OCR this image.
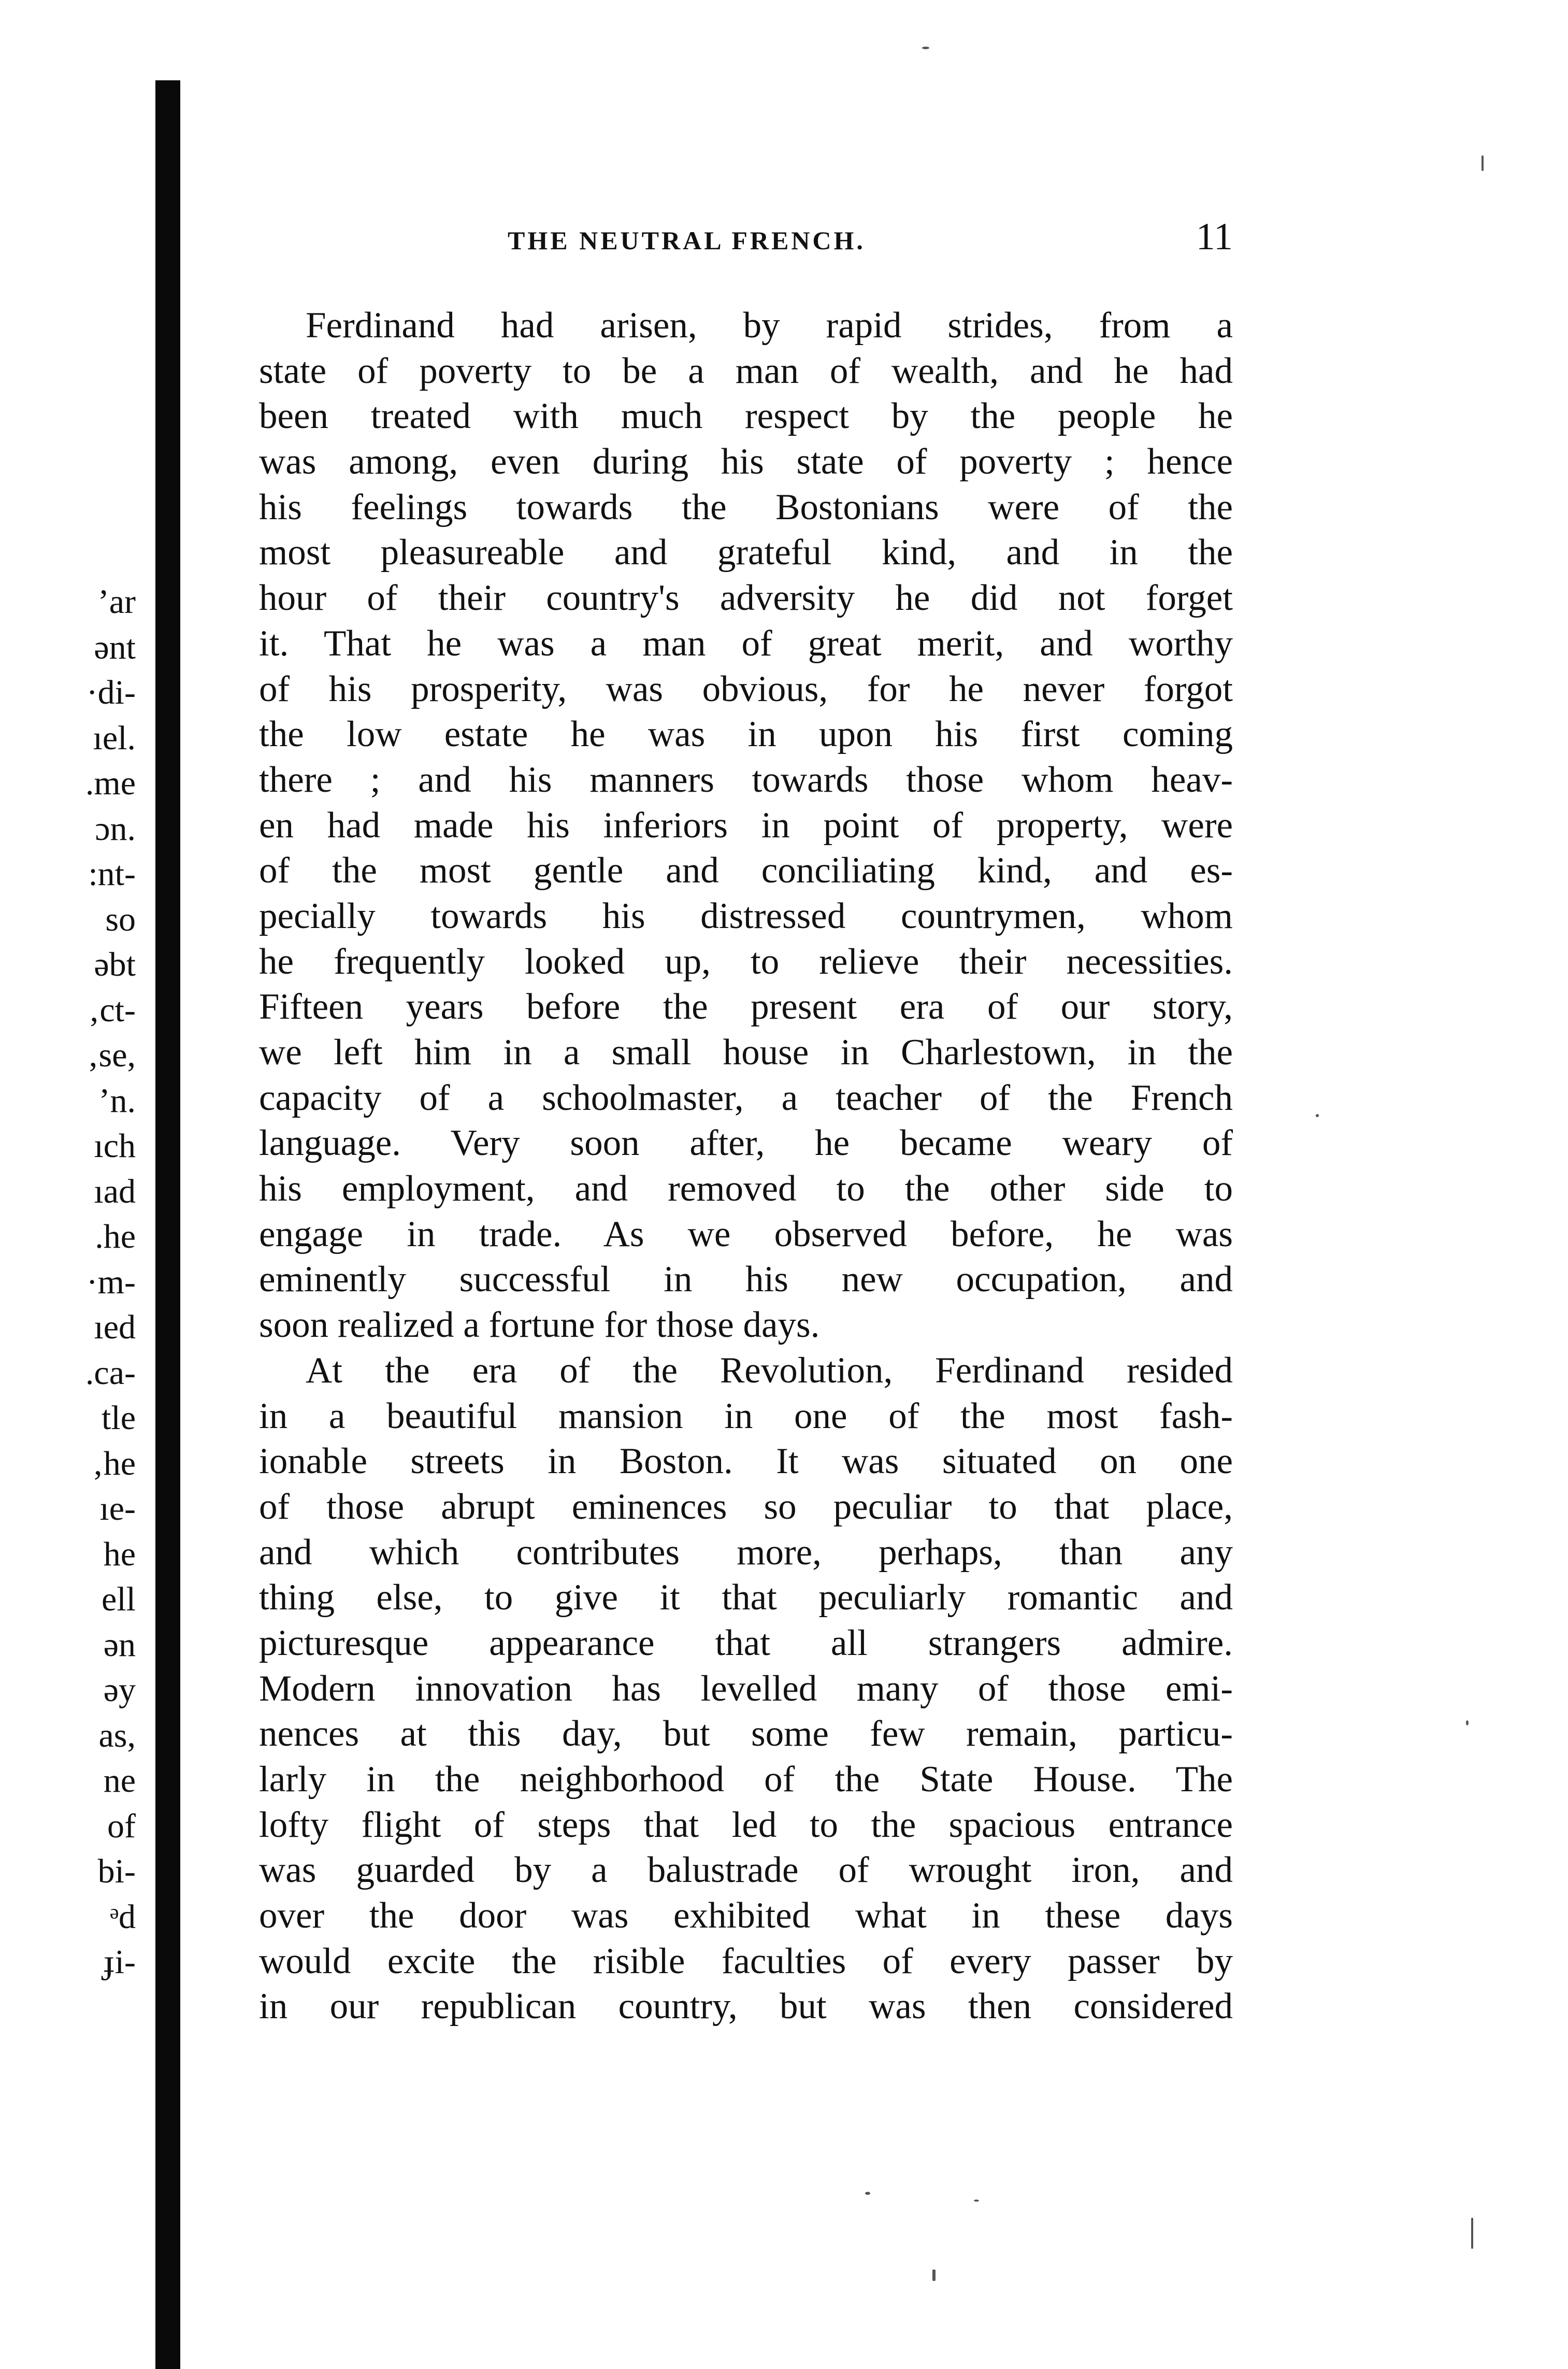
ʼar
ənt
·di-
ıel.
.me
ɔn.
:nt-
so
əbt
‚ct-
‚se,
ʼn.
ıch
ıad
.he
·m-
ıed
.ca-
tle
‚he
ıe-
he
ell
ən
əy
as,
ne
of
bi-
ᵊd
ɟi-
THE NEUTRAL FRENCH.	11
Ferdinand had arisen, by rapid strides, from a
state of poverty to be a man of wealth, and he had
been treated with much respect by the people he
was among, even during his state of poverty ; hence
his feelings towards the Bostonians were of the
most pleasureable and grateful kind, and in the
hour of their country's adversity he did not forget
it. That he was a man of great merit, and worthy
of his prosperity, was obvious, for he never forgot
the low estate he was in upon his first coming
there ; and his manners towards those whom heav-
en had made his inferiors in point of property, were
of the most gentle and conciliating kind, and es-
pecially towards his distressed countrymen, whom
he frequently looked up, to relieve their necessities.
Fifteen years before the present era of our story,
we left him in a small house in Charlestown, in the
capacity of a schoolmaster, a teacher of the French
language. Very soon after, he became weary of
his employment, and removed to the other side to
engage in trade. As we observed before, he was
eminently successful in his new occupation, and
soon realized a fortune for those days.
At the era of the Revolution, Ferdinand resided
in a beautiful mansion in one of the most fash-
ionable streets in Boston. It was situated on one
of those abrupt eminences so peculiar to that place,
and which contributes more, perhaps, than any
thing else, to give it that peculiarly romantic and
picturesque appearance that all strangers admire.
Modern innovation has levelled many of those emi-
nences at this day, but some few remain, particu-
larly in the neighborhood of the State House. The
lofty flight of steps that led to the spacious entrance
was guarded by a balustrade of wrought iron, and
over the door was exhibited what in these days
would excite the risible faculties of every passer by
in our republican country, but was then considered
